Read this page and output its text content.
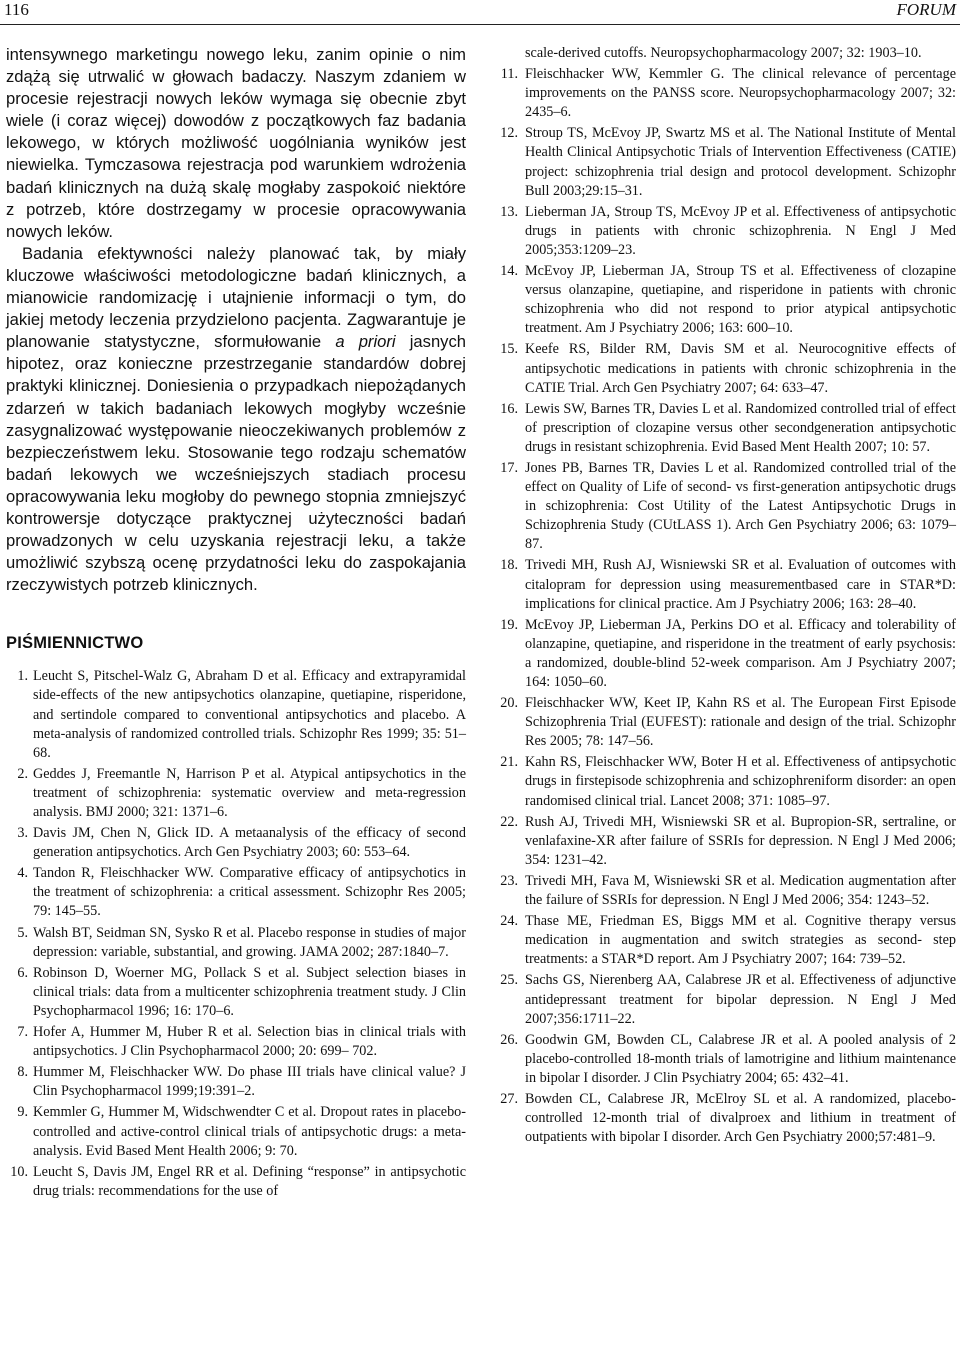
116	FORUM

intensywnego marketingu nowego leku, zanim opinie o nim zdążą się utrwalić w głowach badaczy. Naszym zdaniem w procesie rejestracji nowych leków wymaga się obecnie zbyt wiele (i coraz więcej) dowodów z początkowych faz badania lekowego, w których możliwość uogólniania wyników jest niewielka. Tymczasowa rejestracja pod warunkiem wdrożenia badań klinicznych na dużą skalę mogłaby zaspokoić niektóre z potrzeb, które dostrzegamy w procesie opracowywania nowych leków.

Badania efektywności należy planować tak, by miały kluczowe właściwości metodologiczne badań klinicznych, a mianowicie randomizację i utajnienie informacji o tym, do jakiej metody leczenia przydzielono pacjenta. Zagwarantuje je planowanie statystyczne, sformułowanie a priori jasnych hipotez, oraz konieczne przestrzeganie standardów dobrej praktyki klinicznej. Doniesienia o przypadkach niepożądanych zdarzeń w takich badaniach lekowych mogłyby wcześnie zasygnalizować występowanie nieoczekiwanych problemów z bezpieczeństwem leku. Stosowanie tego rodzaju schematów badań lekowych we wcześniejszych stadiach procesu opracowywania leku mogłoby do pewnego stopnia zmniejszyć kontrowersje dotyczące praktycznej użyteczności badań prowadzonych w celu uzyskania rejestracji leku, a także umożliwić szybszą ocenę przydatności leku do zaspokajania rzeczywistych potrzeb klinicznych.

PIŚMIENNICTWO
1. Leucht S, Pitschel-Walz G, Abraham D et al. Efficacy and extrapyramidal side-effects of the new antipsychotics olanzapine, quetiapine, risperidone, and sertindole compared to conventional antipsychotics and placebo. A meta-analysis of randomized controlled trials. Schizophr Res 1999; 35: 51–68.
2. Geddes J, Freemantle N, Harrison P et al. Atypical antipsychotics in the treatment of schizophrenia: systematic overview and meta-regression analysis. BMJ 2000; 321: 1371–6.
3. Davis JM, Chen N, Glick ID. A metaanalysis of the efficacy of second generation antipsychotics. Arch Gen Psychiatry 2003; 60: 553–64.
4. Tandon R, Fleischhacker WW. Comparative efficacy of antipsychotics in the treatment of schizophrenia: a critical assessment. Schizophr Res 2005; 79: 145–55.
5. Walsh BT, Seidman SN, Sysko R et al. Placebo response in studies of major depression: variable, substantial, and growing. JAMA 2002; 287:1840–7.
6. Robinson D, Woerner MG, Pollack S et al. Subject selection biases in clinical trials: data from a multicenter schizophrenia treatment study. J Clin Psychopharmacol 1996; 16: 170–6.
7. Hofer A, Hummer M, Huber R et al. Selection bias in clinical trials with antipsychotics. J Clin Psychopharmacol 2000; 20: 699– 702.
8. Hummer M, Fleischhacker WW. Do phase III trials have clinical value? J Clin Psychopharmacol 1999;19:391–2.
9. Kemmler G, Hummer M, Widschwendter C et al. Dropout rates in placebo-controlled and active-control clinical trials of antipsychotic drugs: a meta-analysis. Evid Based Ment Health 2006; 9: 70.
10. Leucht S, Davis JM, Engel RR et al. Defining “response” in antipsychotic drug trials: recommendations for the use of
scale-derived cutoffs. Neuropsychopharmacology 2007; 32: 1903–10.
11. Fleischhacker WW, Kemmler G. The clinical relevance of percentage improvements on the PANSS score. Neuropsychopharmacology 2007; 32: 2435–6.
12. Stroup TS, McEvoy JP, Swartz MS et al. The National Institute of Mental Health Clinical Antipsychotic Trials of Intervention Effectiveness (CATIE) project: schizophrenia trial design and protocol development. Schizophr Bull 2003;29:15–31.
13. Lieberman JA, Stroup TS, McEvoy JP et al. Effectiveness of antipsychotic drugs in patients with chronic schizophrenia. N Engl J Med 2005;353:1209–23.
14. McEvoy JP, Lieberman JA, Stroup TS et al. Effectiveness of clozapine versus olanzapine, quetiapine, and risperidone in patients with chronic schizophrenia who did not respond to prior atypical antipsychotic treatment. Am J Psychiatry 2006; 163: 600–10.
15. Keefe RS, Bilder RM, Davis SM et al. Neurocognitive effects of antipsychotic medications in patients with chronic schizophrenia in the CATIE Trial. Arch Gen Psychiatry 2007; 64: 633–47.
16. Lewis SW, Barnes TR, Davies L et al. Randomized controlled trial of effect of prescription of clozapine versus other secondgeneration antipsychotic drugs in resistant schizophrenia. Evid Based Ment Health 2007; 10: 57.
17. Jones PB, Barnes TR, Davies L et al. Randomized controlled trial of the effect on Quality of Life of second- vs first-generation antipsychotic drugs in schizophrenia: Cost Utility of the Latest Antipsychotic Drugs in Schizophrenia Study (CUtLASS 1). Arch Gen Psychiatry 2006; 63: 1079–87.
18. Trivedi MH, Rush AJ, Wisniewski SR et al. Evaluation of outcomes with citalopram for depression using measurementbased care in STAR*D: implications for clinical practice. Am J Psychiatry 2006; 163: 28–40.
19. McEvoy JP, Lieberman JA, Perkins DO et al. Efficacy and tolerability of olanzapine, quetiapine, and risperidone in the treatment of early psychosis: a randomized, double-blind 52-week comparison. Am J Psychiatry 2007; 164: 1050–60.
20. Fleischhacker WW, Keet IP, Kahn RS et al. The European First Episode Schizophrenia Trial (EUFEST): rationale and design of the trial. Schizophr Res 2005; 78: 147–56.
21. Kahn RS, Fleischhacker WW, Boter H et al. Effectiveness of antipsychotic drugs in firstepisode schizophrenia and schizophreniform disorder: an open randomised clinical trial. Lancet 2008; 371: 1085–97.
22. Rush AJ, Trivedi MH, Wisniewski SR et al. Bupropion-SR, sertraline, or venlafaxine-XR after failure of SSRIs for depression. N Engl J Med 2006; 354: 1231–42.
23. Trivedi MH, Fava M, Wisniewski SR et al. Medication augmentation after the failure of SSRIs for depression. N Engl J Med 2006; 354: 1243–52.
24. Thase ME, Friedman ES, Biggs MM et al. Cognitive therapy versus medication in augmentation and switch strategies as second- step treatments: a STAR*D report. Am J Psychiatry 2007; 164: 739–52.
25. Sachs GS, Nierenberg AA, Calabrese JR et al. Effectiveness of adjunctive antidepressant treatment for bipolar depression. N Engl J Med 2007;356:1711–22.
26. Goodwin GM, Bowden CL, Calabrese JR et al. A pooled analysis of 2 placebo-controlled 18-month trials of lamotrigine and lithium maintenance in bipolar I disorder. J Clin Psychiatry 2004; 65: 432–41.
27. Bowden CL, Calabrese JR, McElroy SL et al. A randomized, placebo-controlled 12-month trial of divalproex and lithium in treatment of outpatients with bipolar I disorder. Arch Gen Psychiatry 2000;57:481–9.
